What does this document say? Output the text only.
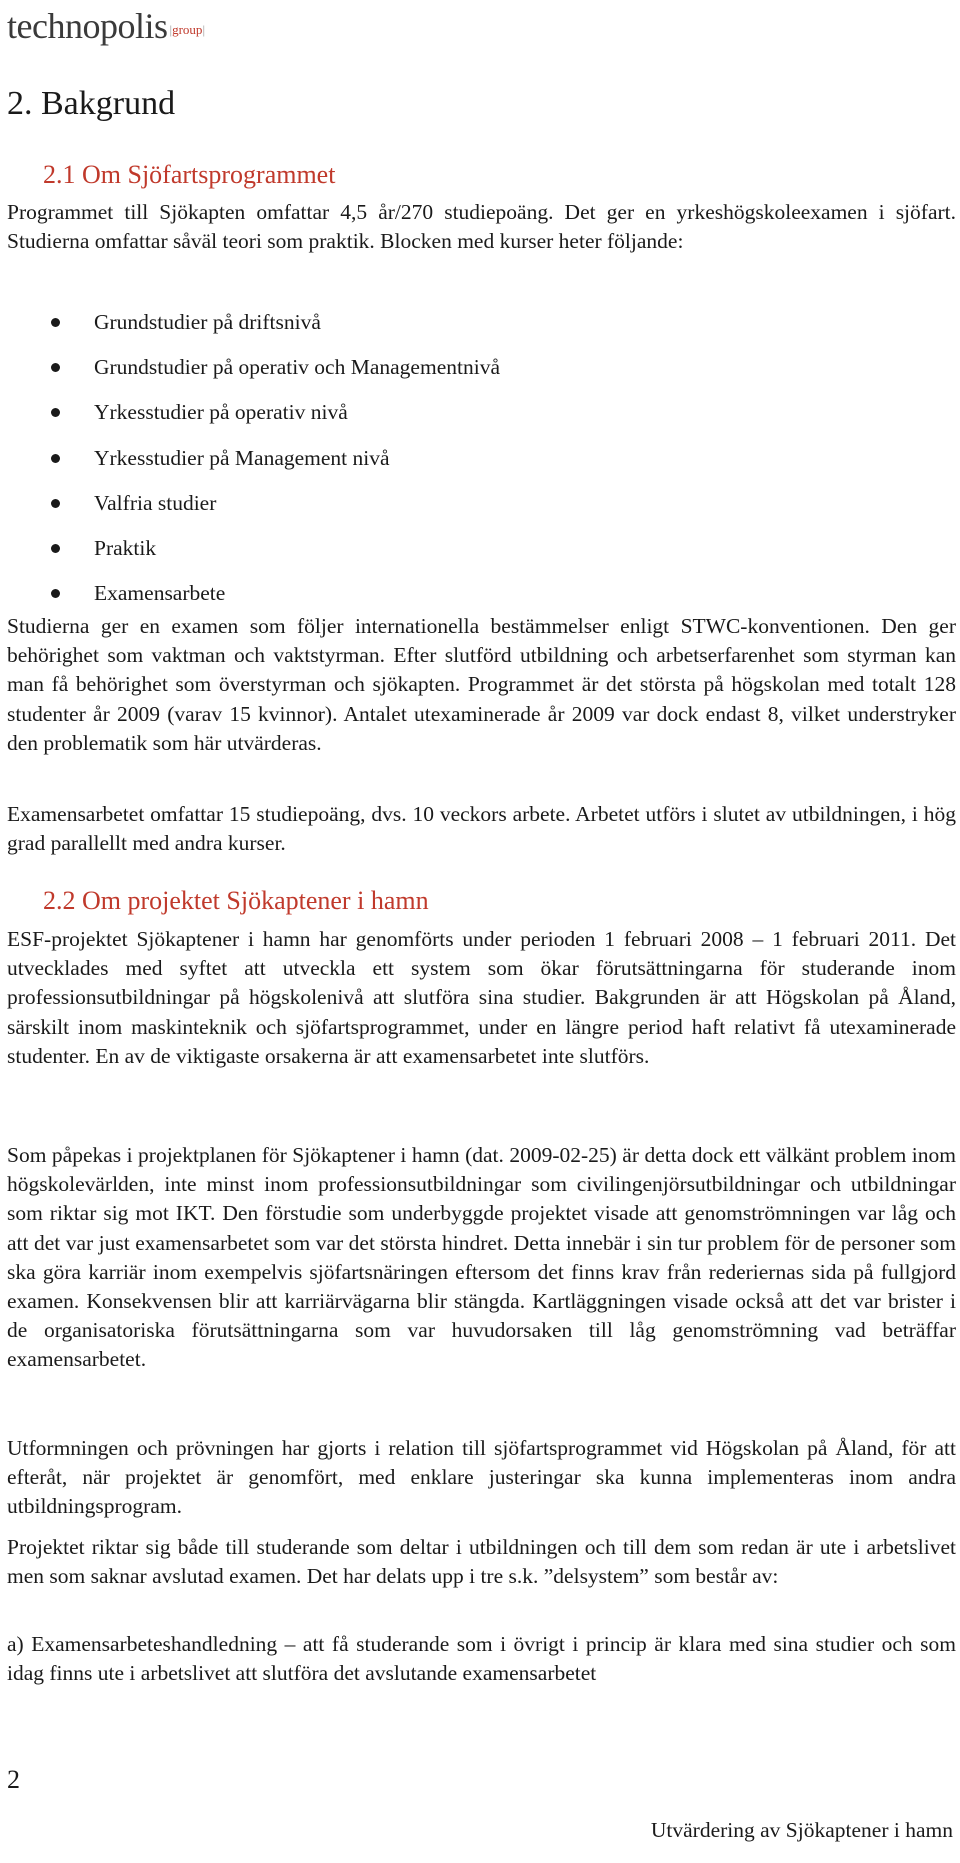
technopolis |group|
2. Bakgrund
2.1 Om Sjöfartsprogrammet

Programmet till Sjökapten omfattar 4,5 år/270 studiepoäng. Det ger en yrkeshögskoleexamen i sjöfart. Studierna omfattar såväl teori som praktik. Blocken med kurser heter följande:

Grundstudier på driftsnivå
Grundstudier på operativ och Managementnivå
Yrkesstudier på operativ nivå
Yrkesstudier på Management nivå
Valfria studier
Praktik
Examensarbete

Studierna ger en examen som följer internationella bestämmelser enligt STWC-konventionen. Den ger behörighet som vaktman och vaktstyrman. Efter slutförd utbildning och arbetserfarenhet som styrman kan man få behörighet som överstyrman och sjökapten. Programmet är det största på högskolan med totalt 128 studenter år 2009 (varav 15 kvinnor). Antalet utexaminerade år 2009 var dock endast 8, vilket understryker den problematik som här utvärderas.

Examensarbetet omfattar 15 studiepoäng, dvs. 10 veckors arbete. Arbetet utförs i slutet av utbildningen, i hög grad parallellt med andra kurser.

2.2 Om projektet Sjökaptener i hamn

ESF-projektet Sjökaptener i hamn har genomförts under perioden 1 februari 2008 – 1 februari 2011. Det utvecklades med syftet att utveckla ett system som ökar förutsättningarna för studerande inom professionsutbildningar på högskolenivå att slutföra sina studier. Bakgrunden är att Högskolan på Åland, särskilt inom maskinteknik och sjöfartsprogrammet, under en längre period haft relativt få utexaminerade studenter. En av de viktigaste orsakerna är att examensarbetet inte slutförs.

Som påpekas i projektplanen för Sjökaptener i hamn (dat. 2009-02-25) är detta dock ett välkänt problem inom högskolevärlden, inte minst inom professionsutbildningar som civilingenjörsutbildningar och utbildningar som riktar sig mot IKT. Den förstudie som underbyggde projektet visade att genomströmningen var låg och att det var just examensarbetet som var det största hindret. Detta innebär i sin tur problem för de personer som ska göra karriär inom exempelvis sjöfartsnäringen eftersom det finns krav från rederiernas sida på fullgjord examen. Konsekvensen blir att karriärvägarna blir stängda. Kartläggningen visade också att det var brister i de organisatoriska förutsättningarna som var huvudorsaken till låg genomströmning vad beträffar examensarbetet.

Utformningen och prövningen har gjorts i relation till sjöfartsprogrammet vid Högskolan på Åland, för att efteråt, när projektet är genomfört, med enklare justeringar ska kunna implementeras inom andra utbildningsprogram.

Projektet riktar sig både till studerande som deltar i utbildningen och till dem som redan är ute i arbetslivet men som saknar avslutad examen. Det har delats upp i tre s.k. ”delsystem” som består av:

a) Examensarbeteshandledning – att få studerande som i övrigt i princip är klara med sina studier och som idag finns ute i arbetslivet att slutföra det avslutande examensarbetet

2
Utvärdering av Sjökaptener i hamn
